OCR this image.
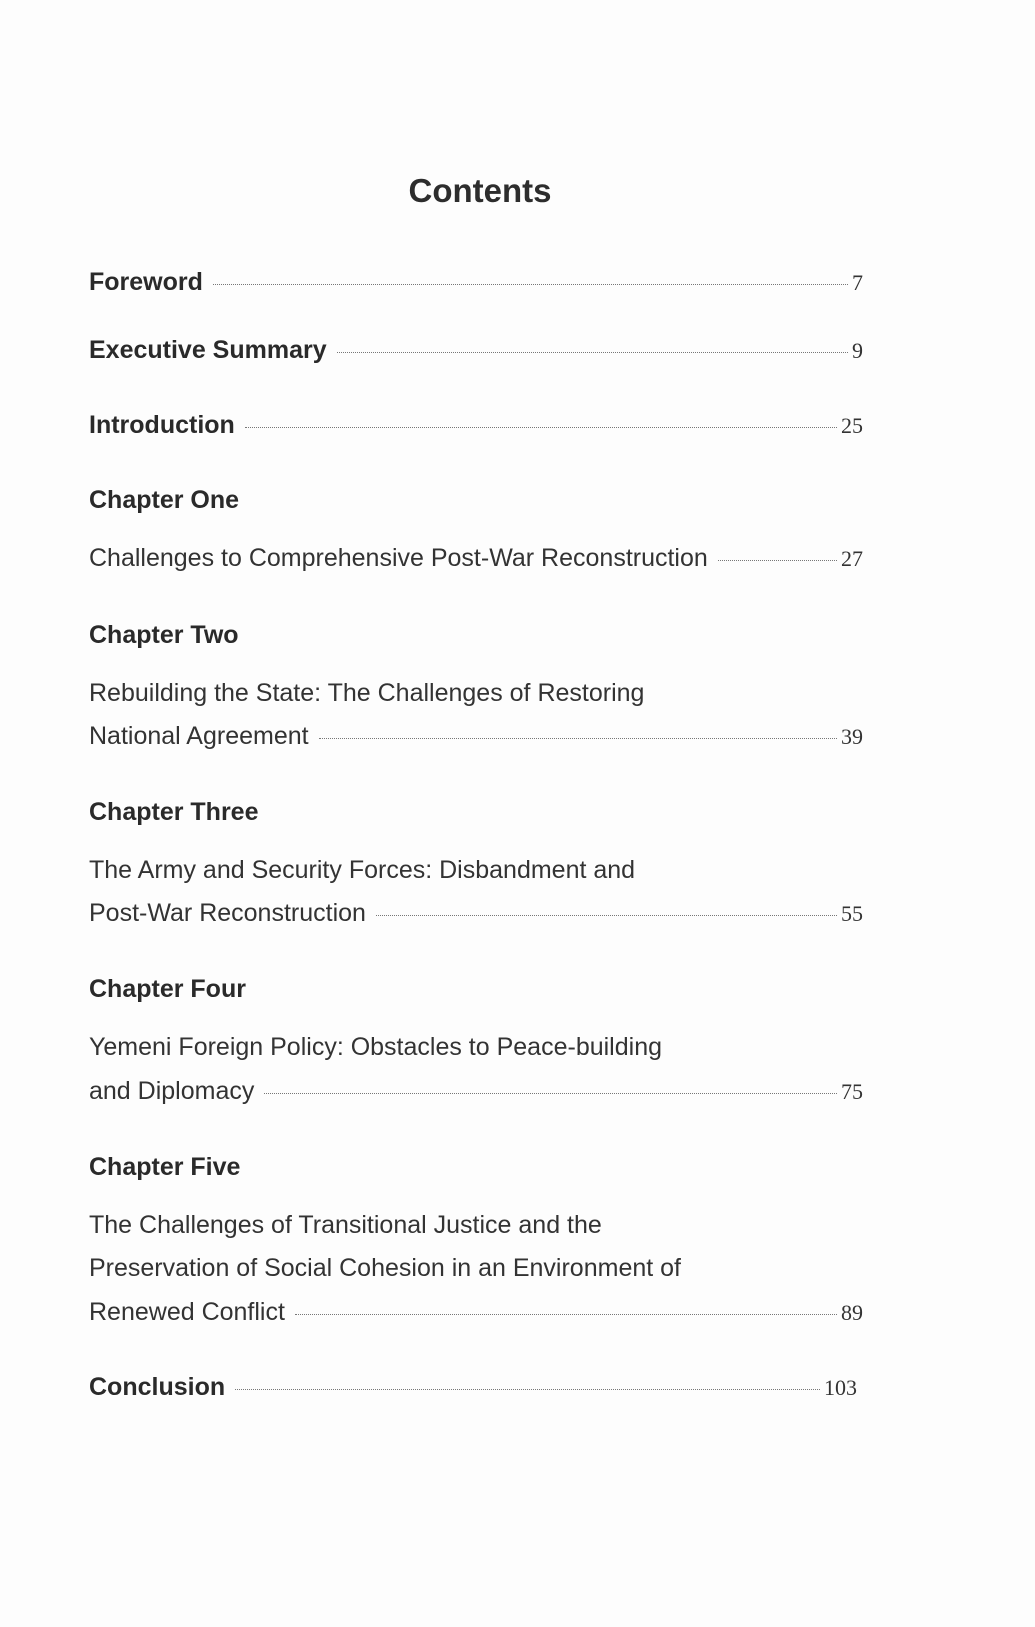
Contents
Foreword	7
Executive Summary	9
Introduction	25
Chapter One
Challenges to Comprehensive Post-War Reconstruction	27
Chapter Two
Rebuilding the State: The Challenges of Restoring
National Agreement	39
Chapter Three
The Army and Security Forces: Disbandment and
Post-War Reconstruction	55
Chapter Four
Yemeni Foreign Policy: Obstacles to Peace-building
and Diplomacy	75
Chapter Five
The Challenges of Transitional Justice and the
Preservation of Social Cohesion in an Environment of
Renewed Conflict	89
Conclusion	103
